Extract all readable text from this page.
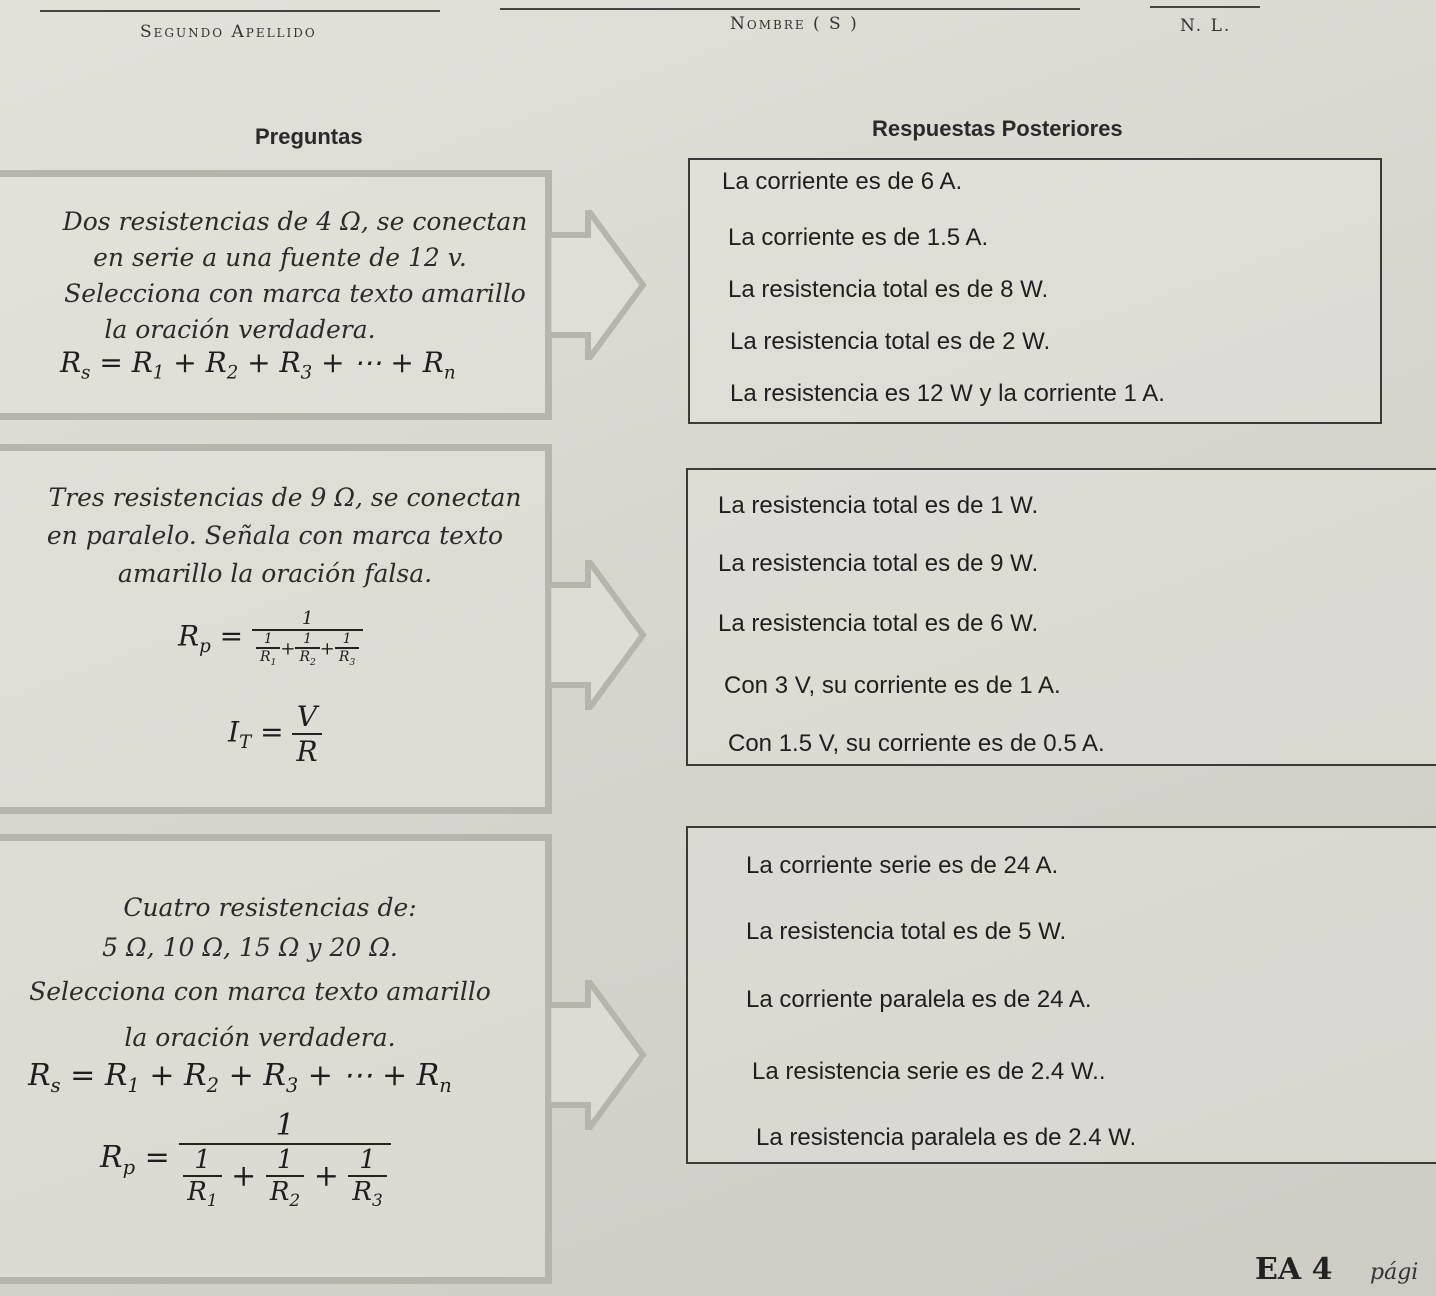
Segundo Apellido	Nombre ( S )	N. L.
Preguntas	Respuestas Posteriores
Dos resistencias de 4 Ω, se conectan
en serie a una fuente de 12 v.
Selecciona con marca texto amarillo
la oración verdadera.
$R_s = R_1 + R_2 + R_3$ + ⋯ + $R_n$
La corriente es de 6 A.
La corriente es de 1.5 A.
La resistencia total es de 8 W.
La resistencia total es de 2 W.
La resistencia es 12 W y la corriente 1 A.
Tres resistencias de 9 Ω, se conectan
en paralelo. Señala con marca texto
amarillo la oración falsa.
$R_p = \frac{1}{\frac{1}{R_1} + \frac{1}{R_2} + \frac{1}{R_3}}$
$I_T = \frac{V}{R}$
La resistencia total es de 1 W.
La resistencia total es de 9 W.
La resistencia total es de 6 W.
Con 3 V, su corriente es de 1 A.
Con 1.5 V, su corriente es de 0.5 A.
Cuatro resistencias de:
5 Ω, 10 Ω, 15 Ω y 20 Ω.
Selecciona con marca texto amarillo
la oración verdadera.
$R_s = R_1 + R_2 + R_3$ + ⋯ + $R_n$
$R_p = \frac{1}{\frac{1}{R_1} + \frac{1}{R_2} + \frac{1}{R_3}}$
La corriente serie es de 24 A.
La resistencia total es de 5 W.
La corriente paralela es de 24 A.
La resistencia serie es de 2.4 W..
La resistencia paralela es de 2.4 W.
EA 4 pági
